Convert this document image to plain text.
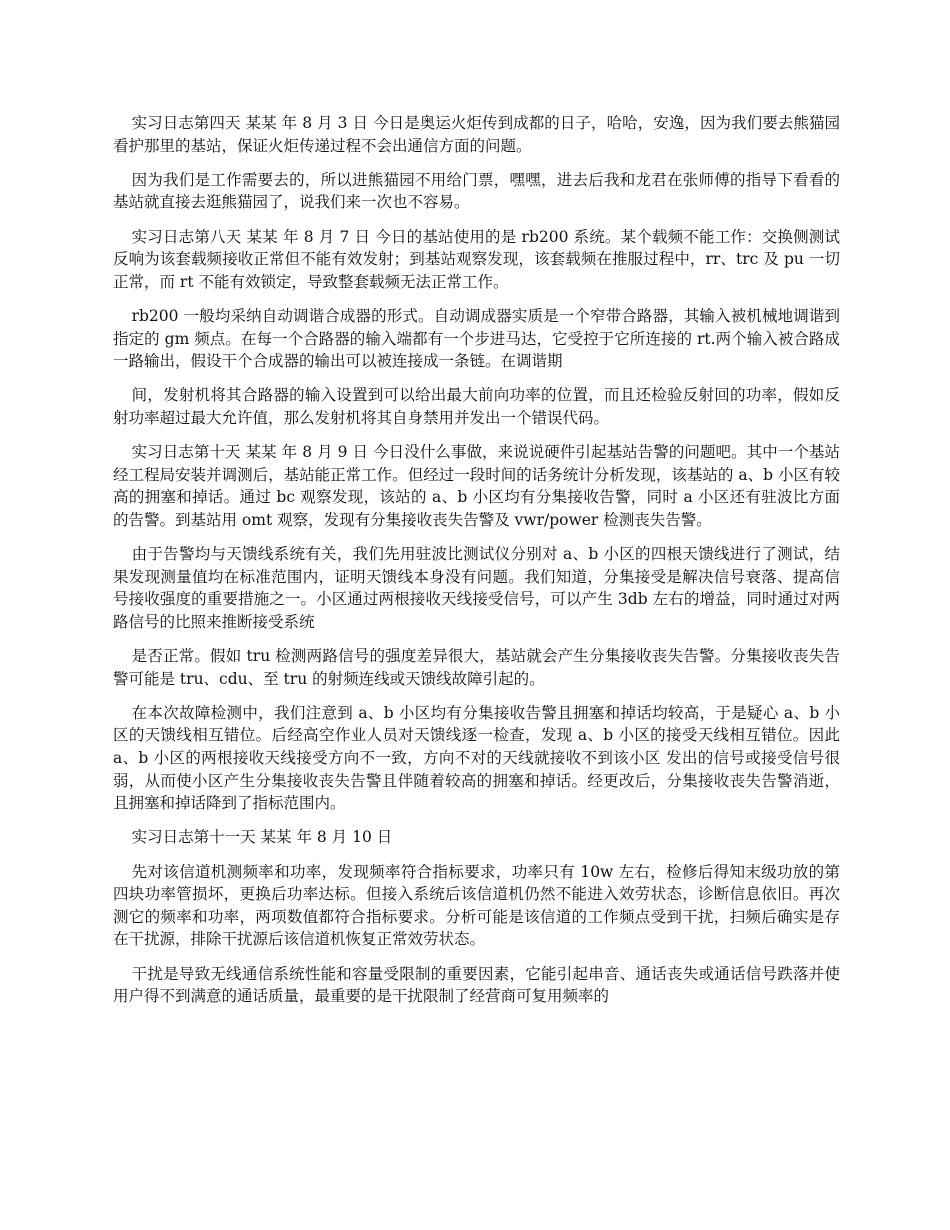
实习日志第四天 某某 年 8 月 3 日 今日是奥运火炬传到成都的日子，哈哈，安逸，因为我们要去熊猫园看护那里的基站，保证火炬传递过程不会出通信方面的问题。

因为我们是工作需要去的，所以进熊猫园不用给门票，嘿嘿，进去后我和龙君在张师傅的指导下看看的基站就直接去逛熊猫园了，说我们来一次也不容易。

实习日志第八天 某某 年 8 月 7 日 今日的基站使用的是 rb200 系统。某个载频不能工作：交换侧测试反响为该套载频接收正常但不能有效发射；到基站观察发现，该套载频在推服过程中，rr、trc 及 pu 一切正常，而 rt 不能有效锁定，导致整套载频无法正常工作。

rb200 一般均采纳自动调谐合成器的形式。自动调成器实质是一个窄带合路器，其输入被机械地调谐到指定的 gm 频点。在每一个合路器的输入端都有一个步进马达，它受控于它所连接的 rt.两个输入被合路成一路输出，假设干个合成器的输出可以被连接成一条链。在调谐期

间，发射机将其合路器的输入设置到可以给出最大前向功率的位置，而且还检验反射回的功率，假如反射功率超过最大允许值，那么发射机将其自身禁用并发出一个错误代码。

实习日志第十天 某某 年 8 月 9 日 今日没什么事做，来说说硬件引起基站告警的问题吧。其中一个基站经工程局安装并调测后，基站能正常工作。但经过一段时间的话务统计分析发现，该基站的 a、b 小区有较高的拥塞和掉话。通过 bc 观察发现，该站的 a、b 小区均有分集接收告警，同时 a 小区还有驻波比方面的告警。到基站用 omt 观察，发现有分集接收丧失告警及 vwr/power 检测丧失告警。

由于告警均与天馈线系统有关，我们先用驻波比测试仪分别对 a、b 小区的四根天馈线进行了测试，结果发现测量值均在标准范围内，证明天馈线本身没有问题。我们知道，分集接受是解决信号衰落、提高信号接收强度的重要措施之一。小区通过两根接收天线接受信号，可以产生 3db 左右的增益，同时通过对两路信号的比照来推断接受系统

是否正常。假如 tru 检测两路信号的强度差异很大，基站就会产生分集接收丧失告警。分集接收丧失告警可能是 tru、cdu、至 tru 的射频连线或天馈线故障引起的。

在本次故障检测中，我们注意到 a、b 小区均有分集接收告警且拥塞和掉话均较高，于是疑心 a、b 小区的天馈线相互错位。后经高空作业人员对天馈线逐一检查，发现 a、b 小区的接受天线相互错位。因此 a、b 小区的两根接收天线接受方向不一致，方向不对的天线就接收不到该小区 发出的信号或接受信号很弱，从而使小区产生分集接收丧失告警且伴随着较高的拥塞和掉话。经更改后，分集接收丧失告警消逝，且拥塞和掉话降到了指标范围内。

实习日志第十一天 某某 年 8 月 10 日

先对该信道机测频率和功率，发现频率符合指标要求，功率只有 10w 左右，检修后得知末级功放的第四块功率管损坏，更换后功率达标。但接入系统后该信道机仍然不能进入效劳状态，诊断信息依旧。再次测它的频率和功率，两项数值都符合指标要求。分析可能是该信道的工作频点受到干扰，扫频后确实是存在干扰源，排除干扰源后该信道机恢复正常效劳状态。

干扰是导致无线通信系统性能和容量受限制的重要因素，它能引起串音、通话丧失或通话信号跌落并使用户得不到满意的通话质量，最重要的是干扰限制了经营商可复用频率的
